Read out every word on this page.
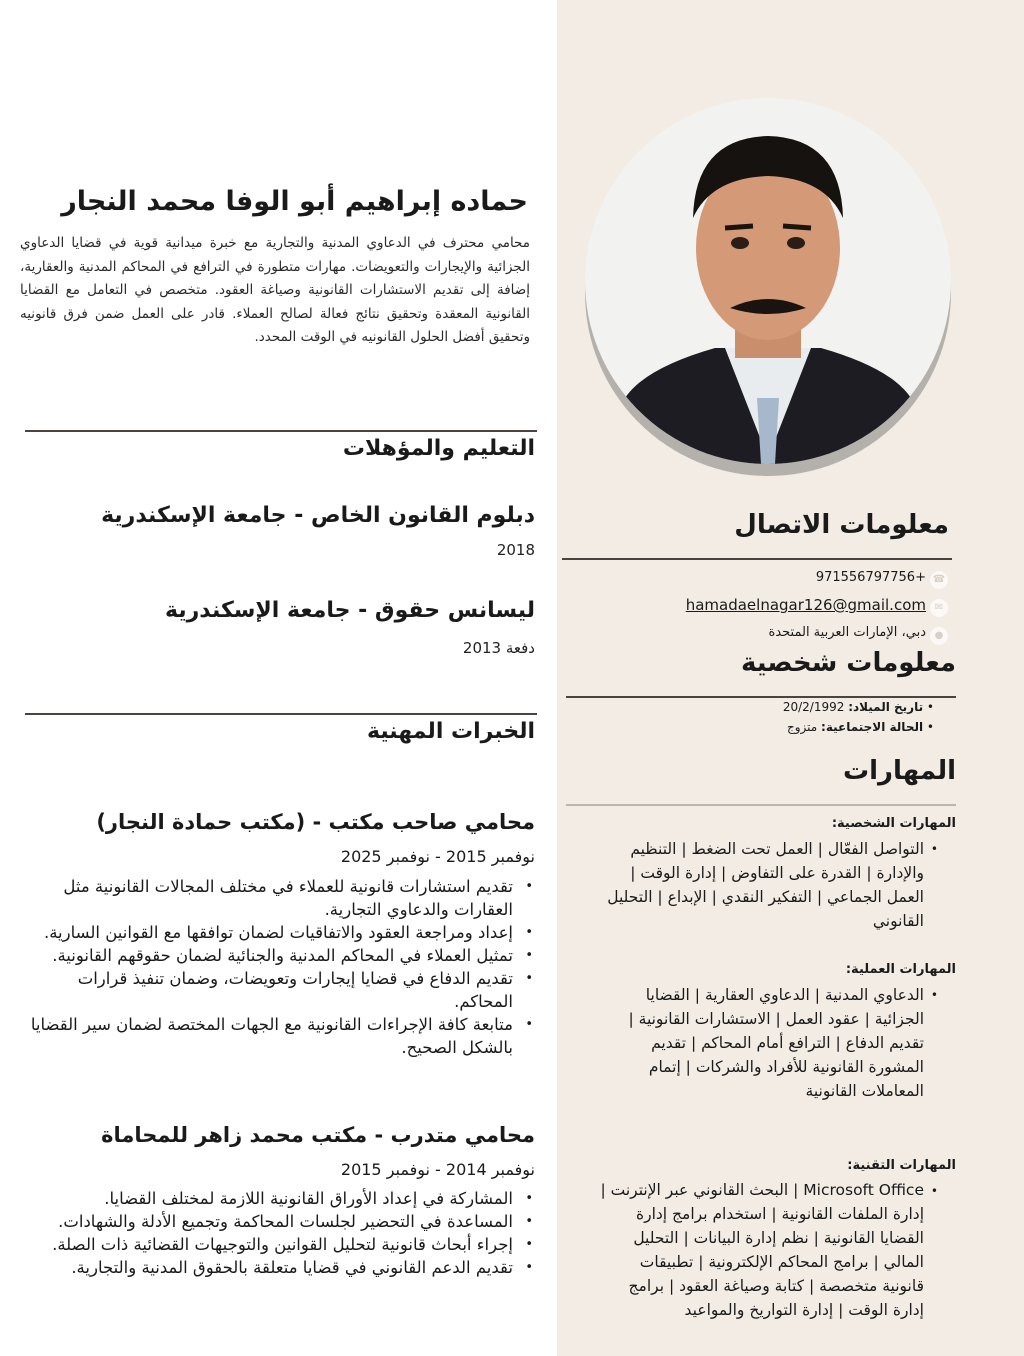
حماده إبراهيم أبو الوفا محمد النجار

محامي محترف في الدعاوي المدنية والتجارية مع خبرة ميدانية قوية في قضايا الدعاوي الجزائية والإيجارات والتعويضات. مهارات متطورة في الترافع في المحاكم المدنية والعقارية، إضافة إلى تقديم الاستشارات القانونية وصياغة العقود. متخصص في التعامل مع القضايا القانونية المعقدة وتحقيق نتائج فعالة لصالح العملاء. قادر على العمل ضمن فرق قانونيه وتحقيق أفضل الحلول القانونيه في الوقت المحدد.

التعليم والمؤهلات
دبلوم القانون الخاص - جامعة الإسكندرية
2018
ليسانس حقوق - جامعة الإسكندرية
دفعة 2013
الخبرات المهنية
محامي صاحب مكتب - (مكتب حمادة النجار)
نوفمبر 2015 - نوفمبر 2025
• تقديم استشارات قانونية للعملاء في مختلف المجالات القانونية مثل العقارات والدعاوي التجارية.
• إعداد ومراجعة العقود والاتفاقيات لضمان توافقها مع القوانين السارية.
• تمثيل العملاء في المحاكم المدنية والجنائية لضمان حقوقهم القانونية.
• تقديم الدفاع في قضايا إيجارات وتعويضات، وضمان تنفيذ قرارات المحاكم.
• متابعة كافة الإجراءات القانونية مع الجهات المختصة لضمان سير القضايا بالشكل الصحيح.
محامي متدرب - مكتب محمد زاهر للمحاماة
نوفمبر 2014 - نوفمبر 2015
• المشاركة في إعداد الأوراق القانونية اللازمة لمختلف القضايا.
• المساعدة في التحضير لجلسات المحاكمة وتجميع الأدلة والشهادات.
• إجراء أبحاث قانونية لتحليل القوانين والتوجيهات القضائية ذات الصلة.
• تقديم الدعم القانوني في قضايا متعلقة بالحقوق المدنية والتجارية.
معلومات الاتصال
☎
+971556797756
✉
hamadaelnagar126@gmail.com
●
دبي، الإمارات العربية المتحدة
معلومات شخصية
• تاريخ الميلاد: 20/2/1992
• الحالة الاجتماعية: متزوج
المهارات
المهارات الشخصية:
•
التواصل الفعّال | العمل تحت الضغط | التنظيم والإدارة | القدرة على التفاوض | إدارة الوقت | العمل الجماعي | التفكير النقدي | الإبداع | التحليل القانوني
المهارات العملية:
•
الدعاوي المدنية | الدعاوي العقارية | القضايا الجزائية | عقود العمل | الاستشارات القانونية | تقديم الدفاع | الترافع أمام المحاكم | تقديم المشورة القانونية للأفراد والشركات | إتمام المعاملات القانونية
المهارات التقنية:
•
Microsoft Office | البحث القانوني عبر الإنترنت | إدارة الملفات القانونية | استخدام برامج إدارة القضايا القانونية | نظم إدارة البيانات | التحليل المالي | برامج المحاكم الإلكترونية | تطبيقات قانونية متخصصة | كتابة وصياغة العقود | برامج إدارة الوقت | إدارة التواريخ والمواعيد
